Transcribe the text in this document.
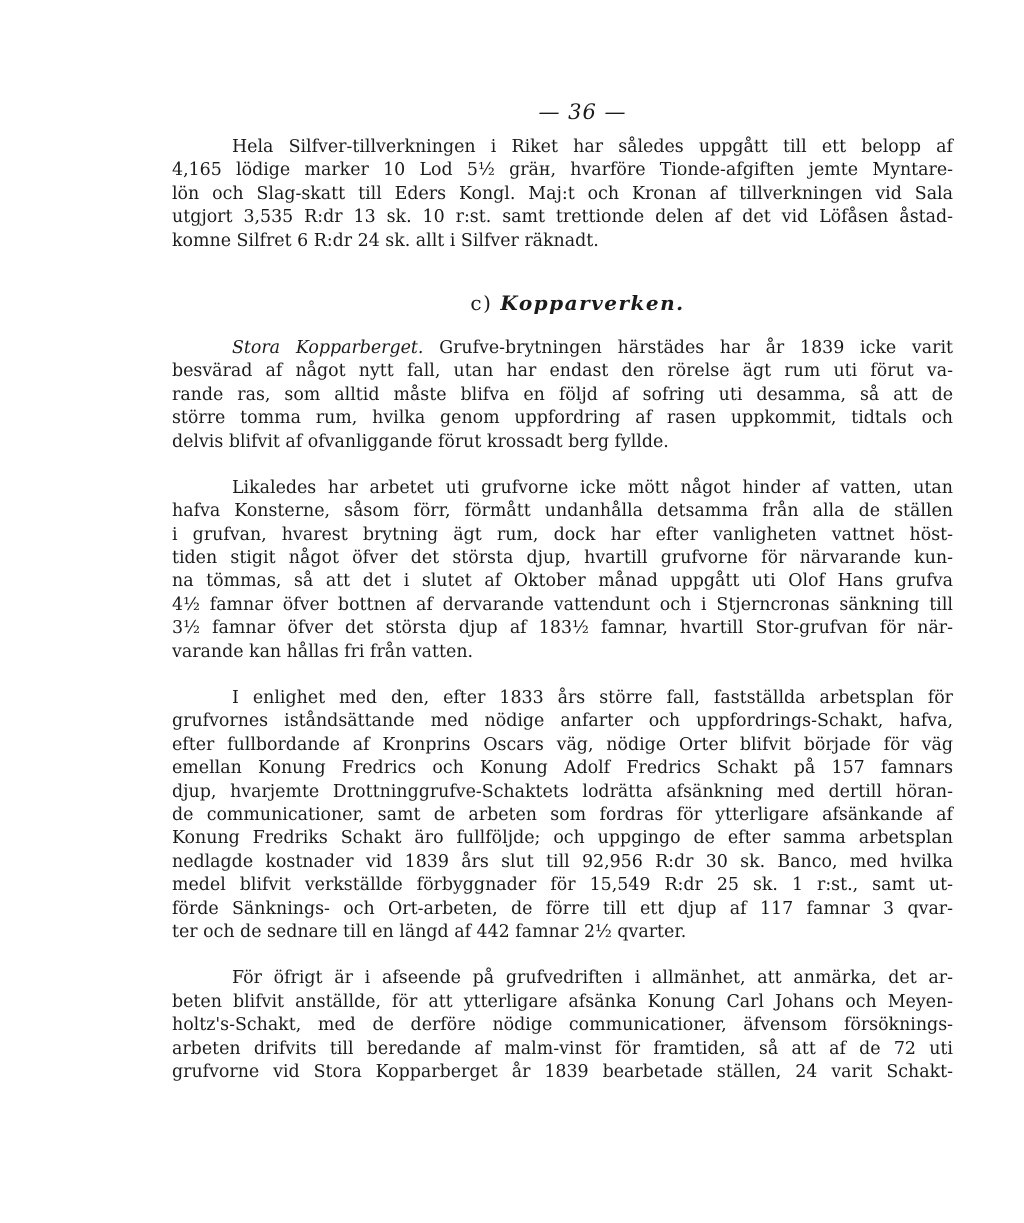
— 36 —
Hela Silfver-tillverkningen i Riket har således uppgått till ett belopp af
4,165 lödige marker 10 Lod 5½ gräн, hvarföre Tionde-afgiften jemte Myntare-
lön och Slag-skatt till Eders Kongl. Maj:t och Kronan af tillverkningen vid Sala
utgjort 3,535 R:dr 13 sk. 10 r:st. samt trettionde delen af det vid Löfåsen åstad-
komne Silfret 6 R:dr 24 sk. allt i Silfver räknadt.
c) Kopparverken.
Stora Kopparberget. Grufve-brytningen härstädes har år 1839 icke varit
besvärad af något nytt fall, utan har endast den rörelse ägt rum uti förut va-
rande ras, som alltid måste blifva en följd af sofring uti desamma, så att de
större tomma rum, hvilka genom uppfordring af rasen uppkommit, tidtals och
delvis blifvit af ofvanliggande förut krossadt berg fyllde.
Likaledes har arbetet uti grufvorne icke mött något hinder af vatten, utan
hafva Konsterne, såsom förr, förmått undanhålla detsamma från alla de ställen
i grufvan, hvarest brytning ägt rum, dock har efter vanligheten vattnet höst-
tiden stigit något öfver det största djup, hvartill grufvorne för närvarande kun-
na tömmas, så att det i slutet af Oktober månad uppgått uti Olof Hans grufva
4½ famnar öfver bottnen af dervarande vattendunt och i Stjerncronas sänkning till
3½ famnar öfver det största djup af 183½ famnar, hvartill Stor-grufvan för när-
varande kan hållas fri från vatten.
I enlighet med den, efter 1833 års större fall, fastställda arbetsplan för
grufvornes iståndsättande med nödige anfarter och uppfordrings-Schakt, hafva,
efter fullbordande af Kronprins Oscars väg, nödige Orter blifvit började för väg
emellan Konung Fredrics och Konung Adolf Fredrics Schakt på 157 famnars
djup, hvarjemte Drottninggrufve-Schaktets lodrätta afsänkning med dertill höran-
de communicationer, samt de arbeten som fordras för ytterligare afsänkande af
Konung Fredriks Schakt äro fullföljde; och uppgingo de efter samma arbetsplan
nedlagde kostnader vid 1839 års slut till 92,956 R:dr 30 sk. Banco, med hvilka
medel blifvit verkställde förbyggnader för 15,549 R:dr 25 sk. 1 r:st., samt ut-
förde Sänknings- och Ort-arbeten, de förre till ett djup af 117 famnar 3 qvar-
ter och de sednare till en längd af 442 famnar 2½ qvarter.
För öfrigt är i afseende på grufvedriften i allmänhet, att anmärka, det ar-
beten blifvit anställde, för att ytterligare afsänka Konung Carl Johans och Meyen-
holtz's-Schakt, med de derföre nödige communicationer, äfvensom försöknings-
arbeten drifvits till beredande af malm-vinst för framtiden, så att af de 72 uti
grufvorne vid Stora Kopparberget år 1839 bearbetade ställen, 24 varit Schakt-
